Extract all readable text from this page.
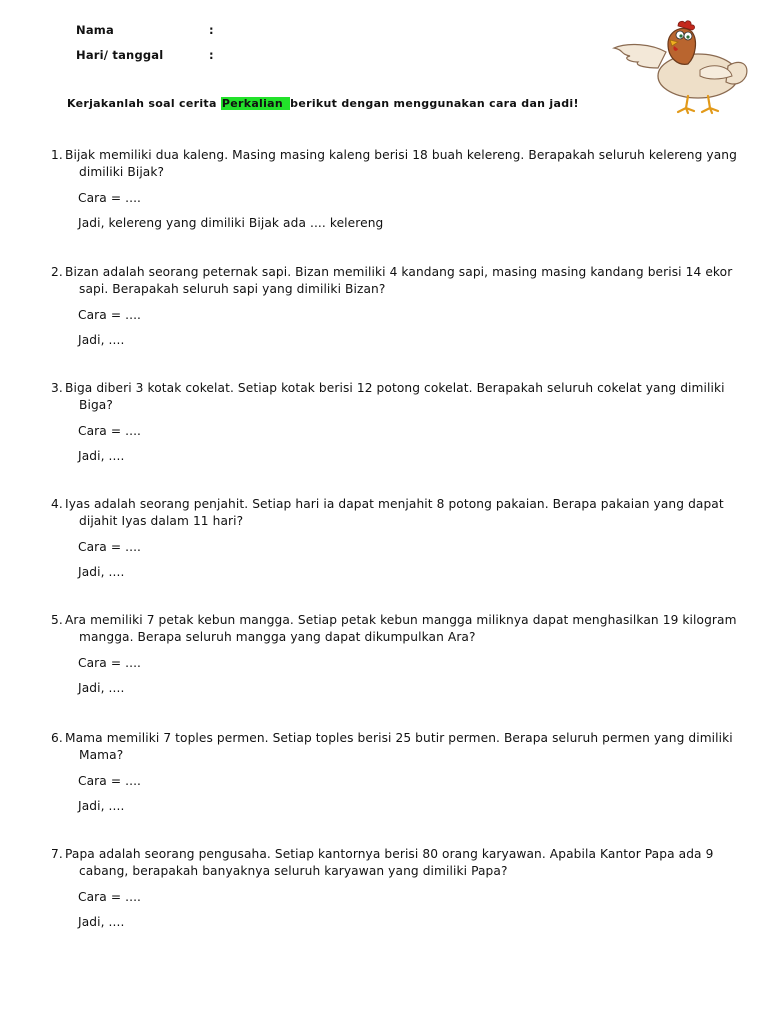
Nama	:
Hari/ tanggal	:
Kerjakanlah soal cerita Perkalian berikut dengan menggunakan cara dan jadi!
1. Bijak memiliki dua kaleng. Masing masing kaleng berisi 18 buah kelereng. Berapakah seluruh kelereng yang dimiliki Bijak?
Cara = ....
Jadi, kelereng yang dimiliki Bijak ada .... kelereng
2. Bizan adalah seorang peternak sapi. Bizan memiliki 4 kandang sapi, masing masing kandang berisi 14 ekor sapi. Berapakah seluruh sapi yang dimiliki Bizan?
Cara = ....
Jadi, ....
3. Biga diberi 3 kotak cokelat. Setiap kotak berisi 12 potong cokelat. Berapakah seluruh cokelat yang dimiliki Biga?
Cara = ....
Jadi, ....
4. Iyas adalah seorang penjahit. Setiap hari ia dapat menjahit 8 potong pakaian. Berapa pakaian yang dapat dijahit Iyas dalam 11 hari?
Cara = ....
Jadi, ....
5. Ara memiliki 7 petak kebun mangga. Setiap petak kebun mangga miliknya dapat menghasilkan 19 kilogram mangga. Berapa seluruh mangga yang dapat dikumpulkan Ara?
Cara = ....
Jadi, ....
6. Mama memiliki 7 toples permen. Setiap toples berisi 25 butir permen. Berapa seluruh permen yang dimiliki Mama?
Cara = ....
Jadi, ....
7. Papa adalah seorang pengusaha. Setiap kantornya berisi 80 orang karyawan. Apabila Kantor Papa ada 9 cabang, berapakah banyaknya seluruh karyawan yang dimiliki Papa?
Cara = ....
Jadi, ....
